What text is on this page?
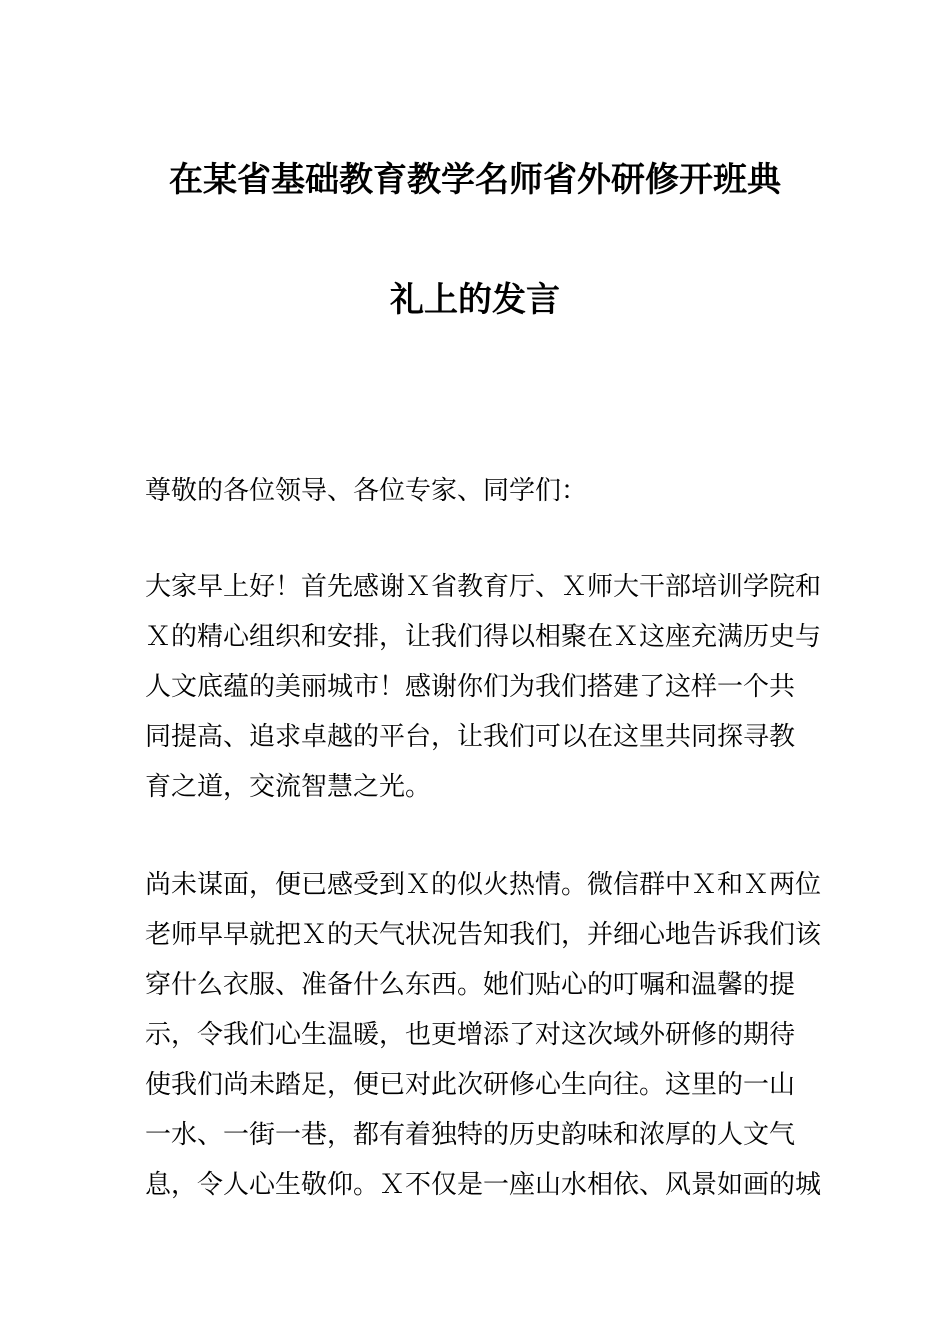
在某省基础教育教学名师省外研修开班典
礼上的发言
尊敬的各位领导、各位专家、同学们：
大家早上好！首先感谢Ｘ省教育厅、Ｘ师大干部培训学院和
Ｘ的精心组织和安排，让我们得以相聚在Ｘ这座充满历史与
人文底蕴的美丽城市！感谢你们为我们搭建了这样一个共
同提高、追求卓越的平台，让我们可以在这里共同探寻教
育之道，交流智慧之光。
尚未谋面，便已感受到Ｘ的似火热情。微信群中Ｘ和Ｘ两位
老师早早就把Ｘ的天气状况告知我们，并细心地告诉我们该
穿什么衣服、准备什么东西。她们贴心的叮嘱和温馨的提
示，令我们心生温暖，也更增添了对这次域外研修的期待
使我们尚未踏足，便已对此次研修心生向往。这里的一山
一水、一街一巷，都有着独特的历史韵味和浓厚的人文气
息，令人心生敬仰。Ｘ不仅是一座山水相依、风景如画的城
